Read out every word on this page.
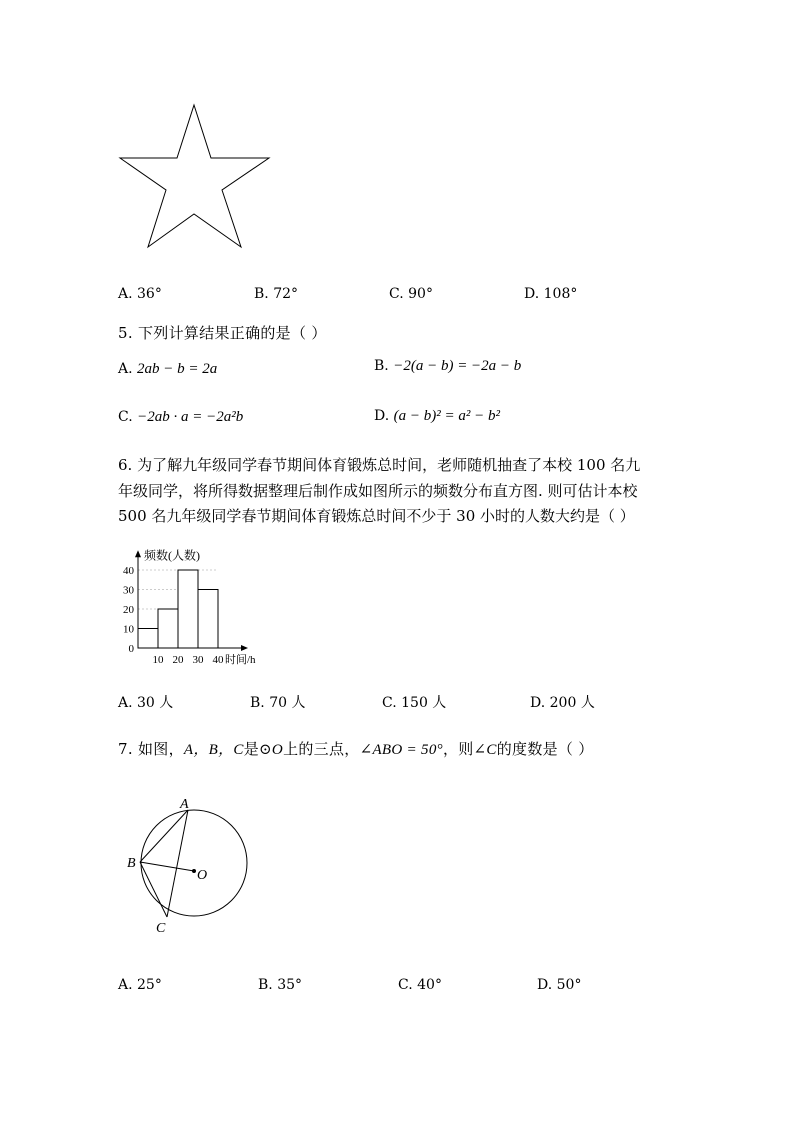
A. 36°	B. 72°	C. 90°	D. 108°
5. 下列计算结果正确的是（ ）
A. 2ab − b = 2a	B. −2(a − b) = −2a − b
C. −2ab · a = −2a²b	D. (a − b)² = a² − b²
6. 为了解九年级同学春节期间体育锻炼总时间，老师随机抽查了本校 100 名九
年级同学，将所得数据整理后制作成如图所示的频数分布直方图. 则可估计本校
500 名九年级同学春节期间体育锻炼总时间不少于 30 小时的人数大约是（ ）
0
10
20
30
40
10 20 30 40
频数(人数)
时间/h
A. 30 人	B. 70 人	C. 150 人	D. 200 人
7. 如图，A，B，C是⊙O上的三点，∠ABO = 50°，则∠C的度数是（ ）
A
B
C
O
A. 25°	B. 35°	C. 40°	D. 50°
